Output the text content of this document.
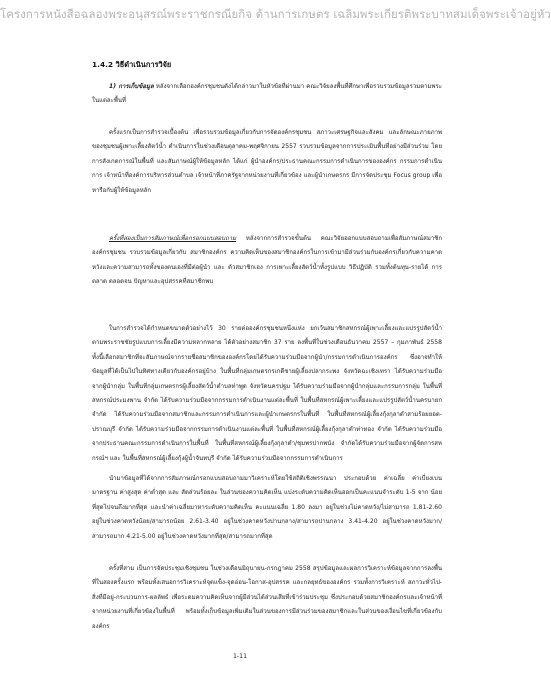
โครงการหนังสือฉลองพระอนุสรณ์พระราชกรณียกิจ ด้านการเกษตร เฉลิมพระเกียรติพระบาทสมเด็จพระเจ้าอยู่หัว
1.4.2 วิธีดำเนินการวิจัย

1) การเก็บข้อมูล หลังจากเลือกองค์กรชุมชนดังได้กล่าวมาในหัวข้อที่ผ่านมา คณะวิจัยลงพื้นที่ศึกษาเพื่อรวบรวมข้อมูลรวมตามพระในแต่ละพื้นที่

ครั้งแรกเป็นการสำรวจเบื้องต้น เพื่อรวบรวมข้อมูลเกี่ยวกับการจัดองค์กรชุมชน สภาวะเศรษฐกิจและสังคม และลักษณะภายภาพของชุมชนผู้เพาะเลี้ยงสัตว์น้ำ ดำเนินการในช่วงเดือนตุลาคม-พฤศจิกายน 2557 รวบรวมข้อมูลจากการประเมินพื้นที่อย่างมีส่วนร่วม โดยการสังเกตการณ์ในพื้นที่ และสัมภาษณ์ผู้ให้ข้อมูลหลัก ได้แก่ ผู้นำองค์กร/ประธานคณะกรรมการดำเนินการขององค์กร กรรมการดำเนินการ เจ้าหน้าที่องค์การบริหารส่วนตำบล เจ้าหน้าที่ภาครัฐจากหน่วยงานที่เกี่ยวข้อง และผู้นำเกษตรกร มีการจัดประชุม Focus group เพื่อหารือกับผู้ให้ข้อมูลหลัก

ครั้งที่สองเป็นการสัมภาษณ์เพื่อกรอกแบบสอบถาม หลังจากการสำรวจขั้นต้น คณะวิจัยออกแบบสอบถามเพื่อสัมภาษณ์สมาชิกองค์กรชุมชน รวบรวมข้อมูลเกี่ยวกับ สมาชิกองค์กร ความคิดเห็นของสมาชิกองค์กรในการเข้ามามีส่วนร่วมกับองค์กรเกี่ยวกับความคาดหวังและความสามารถทั้งของตนเองที่มีต่อผู้นำ และ ตัวสมาชิกเอง การเพาะเลี้ยงสัตว์น้ำทั้งรูปแบบ วิธีปฏิบัติ รวมทั้งต้นทุน-รายได้ การตลาด ตลอดจน ปัญหาและอุปสรรคที่สมาชิกพบ

ในการสำรวจได้กำหนดขนาดตัวอย่างไว้ 30 รายต่อองค์กรชุมชนหนึ่งแห่ง ยกเว้นสมาชิกสหกรณ์ผู้เพาะเลี้ยงและแปรรูปสัตว์น้ำตามพระราชชัยรูปแบบการเลี้ยงมีความหลากหลาย ได้ตัวอย่างสมาชิก 37 ราย ลงพื้นที่ในช่วงเดือนธันวาคม 2557 – กุมภาพันธ์ 2558 ทั้งนี้เลือกสมาชิกที่จะสัมภาษณ์จากรายชื่อสมาชิกขององค์กรโดยได้รับความร่วมมือจากผู้นำ/กรรมการดำเนินการองค์กร ซึ่งอาจทำให้ข้อมูลที่ได้เป็นไปในทิศทางเดียวกับองค์กรอยู่บ้าง ในพื้นที่กลุ่มเกษตรกรเกดีชายผู้เลี้ยงปลากระพง จังหวัดฉะเชิงเทรา ได้รับความร่วมมือจากผู้นำกลุ่ม ในพื้นที่กลุ่มเกษตรกรผู้เลี้ยงสัตว์น้ำตำบลท่าพูด จังหวัดนครปฐม ได้รับความร่วมมือจากผู้นำกลุ่มและกรรมการกลุ่ม ในพื้นที่ สหกรณ์ประมงพาน จำกัด ได้รับความร่วมมือจากกรรมการดำเนินงานแต่ละพื้นที่ ในพื้นที่สหกรณ์ผู้เพาะเลี้ยงและแปรรูปสัตว์น้ำนครนายก จำกัด ได้รับความร่วมมือจากสมาชิกและกรรมการดำเนินการและผู้นำเกษตรกรในพื้นที่ ในพื้นที่สหกรณ์ผู้เลี้ยงกุ้งกุลาดำสามร้อยยอด-ปราณบุรี จำกัด ได้รับความร่วมมือจากกรรมการดำเนินงานแต่ละพื้นที่ ในพื้นที่สหกรณ์ผู้เลี้ยงกุ้งกุลาดำท่าทอง จำกัด ได้รับความร่วมมือจากประธานคณะกรรมการดำเนินการในพื้นที่ ในพื้นที่สหกรณ์ผู้เลี้ยงกุ้งกุลาดำ/ชุมพรปากพนัง จำกัดได้รับความร่วมมือจากผู้จัดการสหกรณ์ฯ และ ในพื้นที่สหกรณ์ผู้เลี้ยงกุ้งผู้น้ำจันทบุรี จำกัด ได้รับความร่วมมือจากกรรมการดำเนินการ

นำมาข้อมูลที่ได้จากการสัมภาษณ์กรอกแบบสอบถามมาวิเคราะห์โดยใช้สถิติเชิงพรรณนา ประกอบด้วย ค่าเฉลี่ย ค่าเบี่ยงเบนมาตรฐาน ค่าสูงสุด ค่าต่ำสุด และ สัดส่วนร้อยละ ในส่วนของความคิดเห็น แบ่งระดับความคิดเห็นออกเป็นคะแนนจำระดับ 1-5 จาก น้อยที่สุดไปจนถึงมากที่สุด และนำค่าเฉลี่ยมาหาระดับความคิดเห็น คะแนนเฉลี่ย 1.80 ลงมา อยู่ในช่วงไม่คาดหวัง/ไม่สามารถ 1.81-2.60 อยู่ในช่วงคาดหวังน้อย/สามารถน้อย 2.61-3.40 อยู่ในช่วงคาดหวังปานกลาง/สามารถปานกลาง 3.41-4.20 อยู่ในช่วงคาดหวังมาก/สามารถมาก 4.21-5.00 อยู่ในช่วงคาดหวังมากที่สุด/สามารถมากที่สุด

ครั้งที่สาม เป็นการจัดประชุมเชิงชุมชน ในช่วงเดือนมิถุนายน-กรกฎาคม 2558 สรุปข้อมูลและผลการวิเคราะห์ข้อมูลจากการลงพื้นที่ในสองครั้งแรก พร้อมทั้งเสนอการวิเคราะห์จุดแข็ง-จุดอ่อน-โอกาส-อุปสรรค และกลยุทธ์ขององค์กร รวมทั้งการวิเคราะห์ สภาวะทั่วไป-สิ่งที่มีอยู่-กระบวนการ-ผลลัพธ์ เพื่อระดมความคิดเห็นจากผู้มีส่วนได้ส่วนเสียที่เข้าร่วมประชุม ซึ่งประกอบด้วยสมาชิกองค์กรและเจ้าหน้าที่จากหน่วยงานที่เกี่ยวข้องในพื้นที่ พร้อมทั้งเก็บข้อมูลเพิ่มเติมในส่วนของการมีส่วนร่วมของสมาชิกและในส่วนของเงื่อนไขที่เกี่ยวข้องกับองค์กร

1-11
